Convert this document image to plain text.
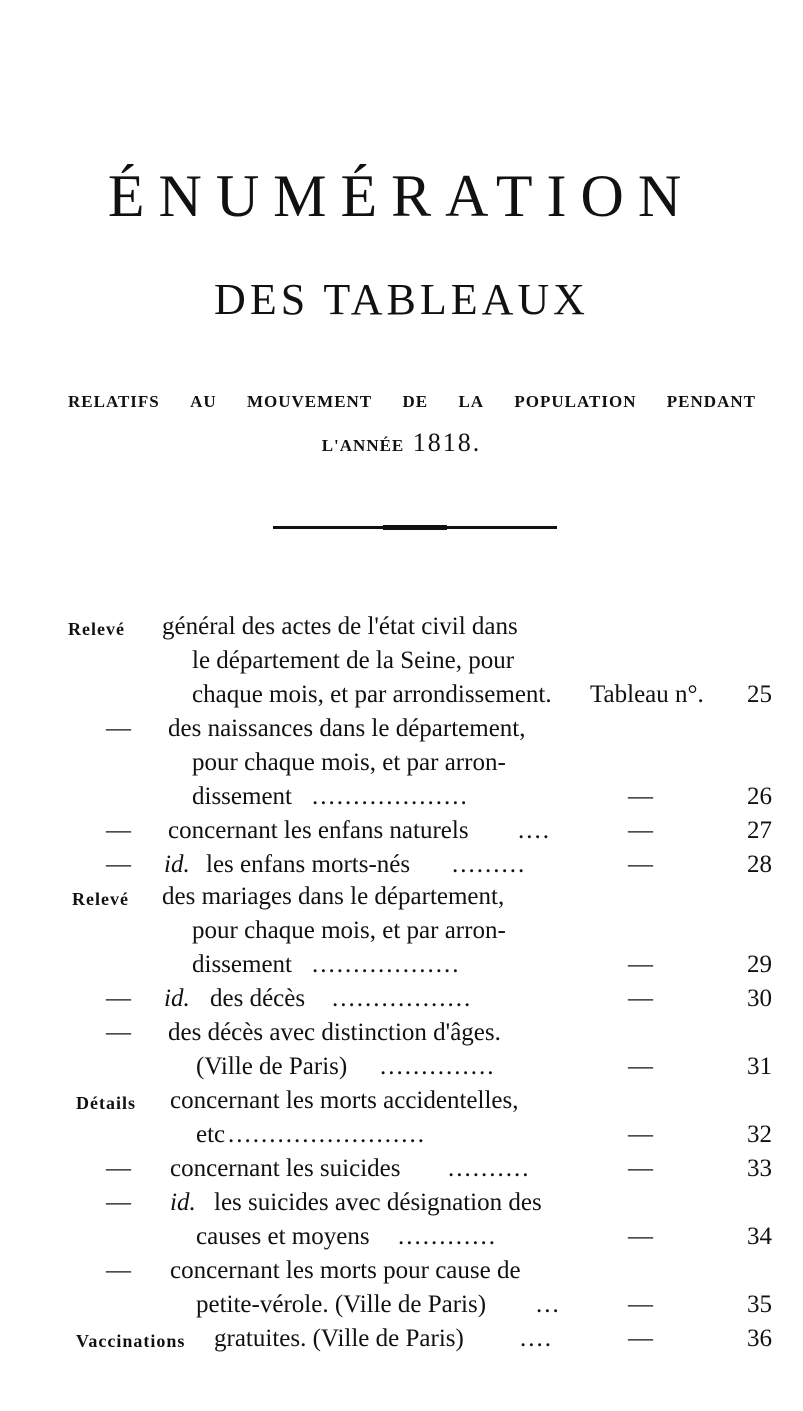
ÉNUMÉRATION
DES TABLEAUX
RELATIFS AU MOUVEMENT DE LA POPULATION PENDANT
L'ANNÉE 1818.
Relevé général des actes de l'état civil dans
le département de la Seine, pour
chaque mois, et par arrondissement. Tableau n°.	25
— des naissances dans le département,
pour chaque mois, et par arron-
dissement ...................	—	26
— concernant les enfans naturels ....	—	27
— id. les enfans morts-nés .........	—	28
Relevé des mariages dans le département,
pour chaque mois, et par arron-
dissement ..................	—	29
— id. des décès .................	—	30
— des décès avec distinction d'âges.
(Ville de Paris) ..............	—	31
Détails concernant les morts accidentelles,
etc ........................	—	32
— concernant les suicides ..........	—	33
— id. les suicides avec désignation des
causes et moyens ............	—	34
— concernant les morts pour cause de
petite-vérole. (Ville de Paris) ...	—	35
Vaccinations gratuites. (Ville de Paris) ....	—	36
